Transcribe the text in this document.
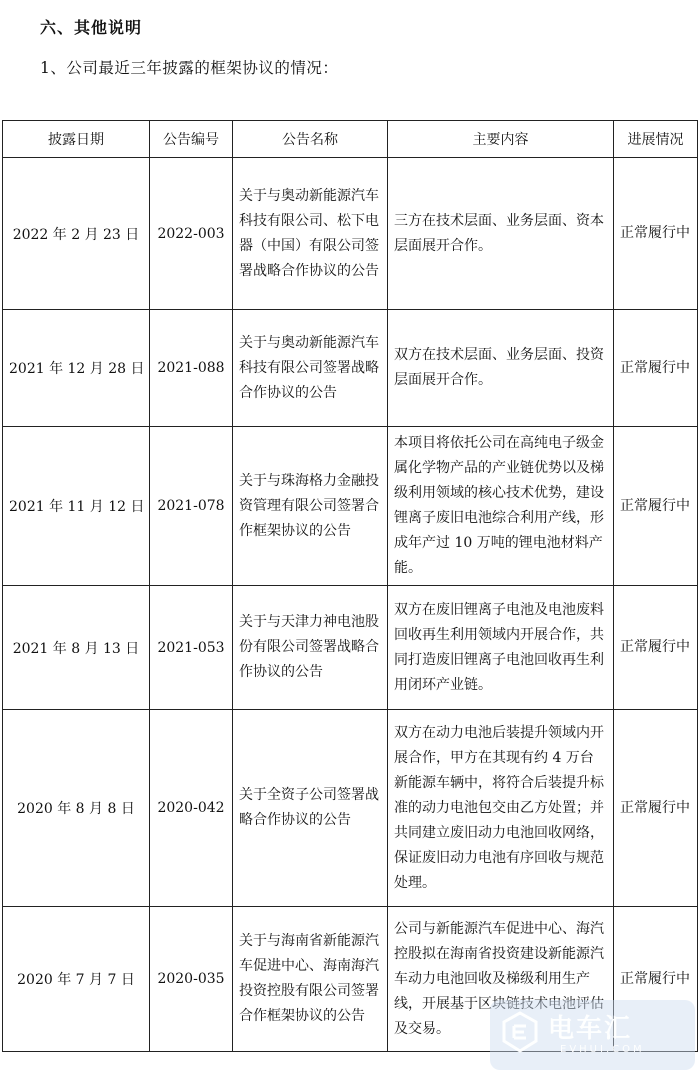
六、其他说明
1、公司最近三年披露的框架协议的情况：
披露日期	公告编号	公告名称	主要内容	进展情况
2022 年 2 月 23 日	2022-003	关于与奥动新能源汽车科技有限公司、松下电器（中国）有限公司签署战略合作协议的公告	三方在技术层面、业务层面、资本层面展开合作。	正常履行中
2021 年 12 月 28 日	2021-088	关于与奥动新能源汽车科技有限公司签署战略合作协议的公告	双方在技术层面、业务层面、投资层面展开合作。	正常履行中
2021 年 11 月 12 日	2021-078	关于与珠海格力金融投资管理有限公司签署合作框架协议的公告	本项目将依托公司在高纯电子级金属化学物产品的产业链优势以及梯级利用领域的核心技术优势，建设锂离子废旧电池综合利用产线，形成年产过 10 万吨的锂电池材料产能。	正常履行中
2021 年 8 月 13 日	2021-053	关于与天津力神电池股份有限公司签署战略合作协议的公告	双方在废旧锂离子电池及电池废料回收再生利用领域内开展合作，共同打造废旧锂离子电池回收再生利用闭环产业链。	正常履行中
2020 年 8 月 8 日	2020-042	关于全资子公司签署战略合作协议的公告	双方在动力电池后装提升领域内开展合作，甲方在其现有约 4 万台新能源车辆中，将符合后装提升标准的动力电池包交由乙方处置；并共同建立废旧动力电池回收网络，保证废旧动力电池有序回收与规范处理。	正常履行中
2020 年 7 月 7 日	2020-035	关于与海南省新能源汽车促进中心、海南海汽投资控股有限公司签署合作框架协议的公告	公司与新能源汽车促进中心、海汽控股拟在海南省投资建设新能源汽车动力电池回收及梯级利用生产线，开展基于区块链技术电池评估及交易。	正常履行中
电车汇
EVHUI.COM
